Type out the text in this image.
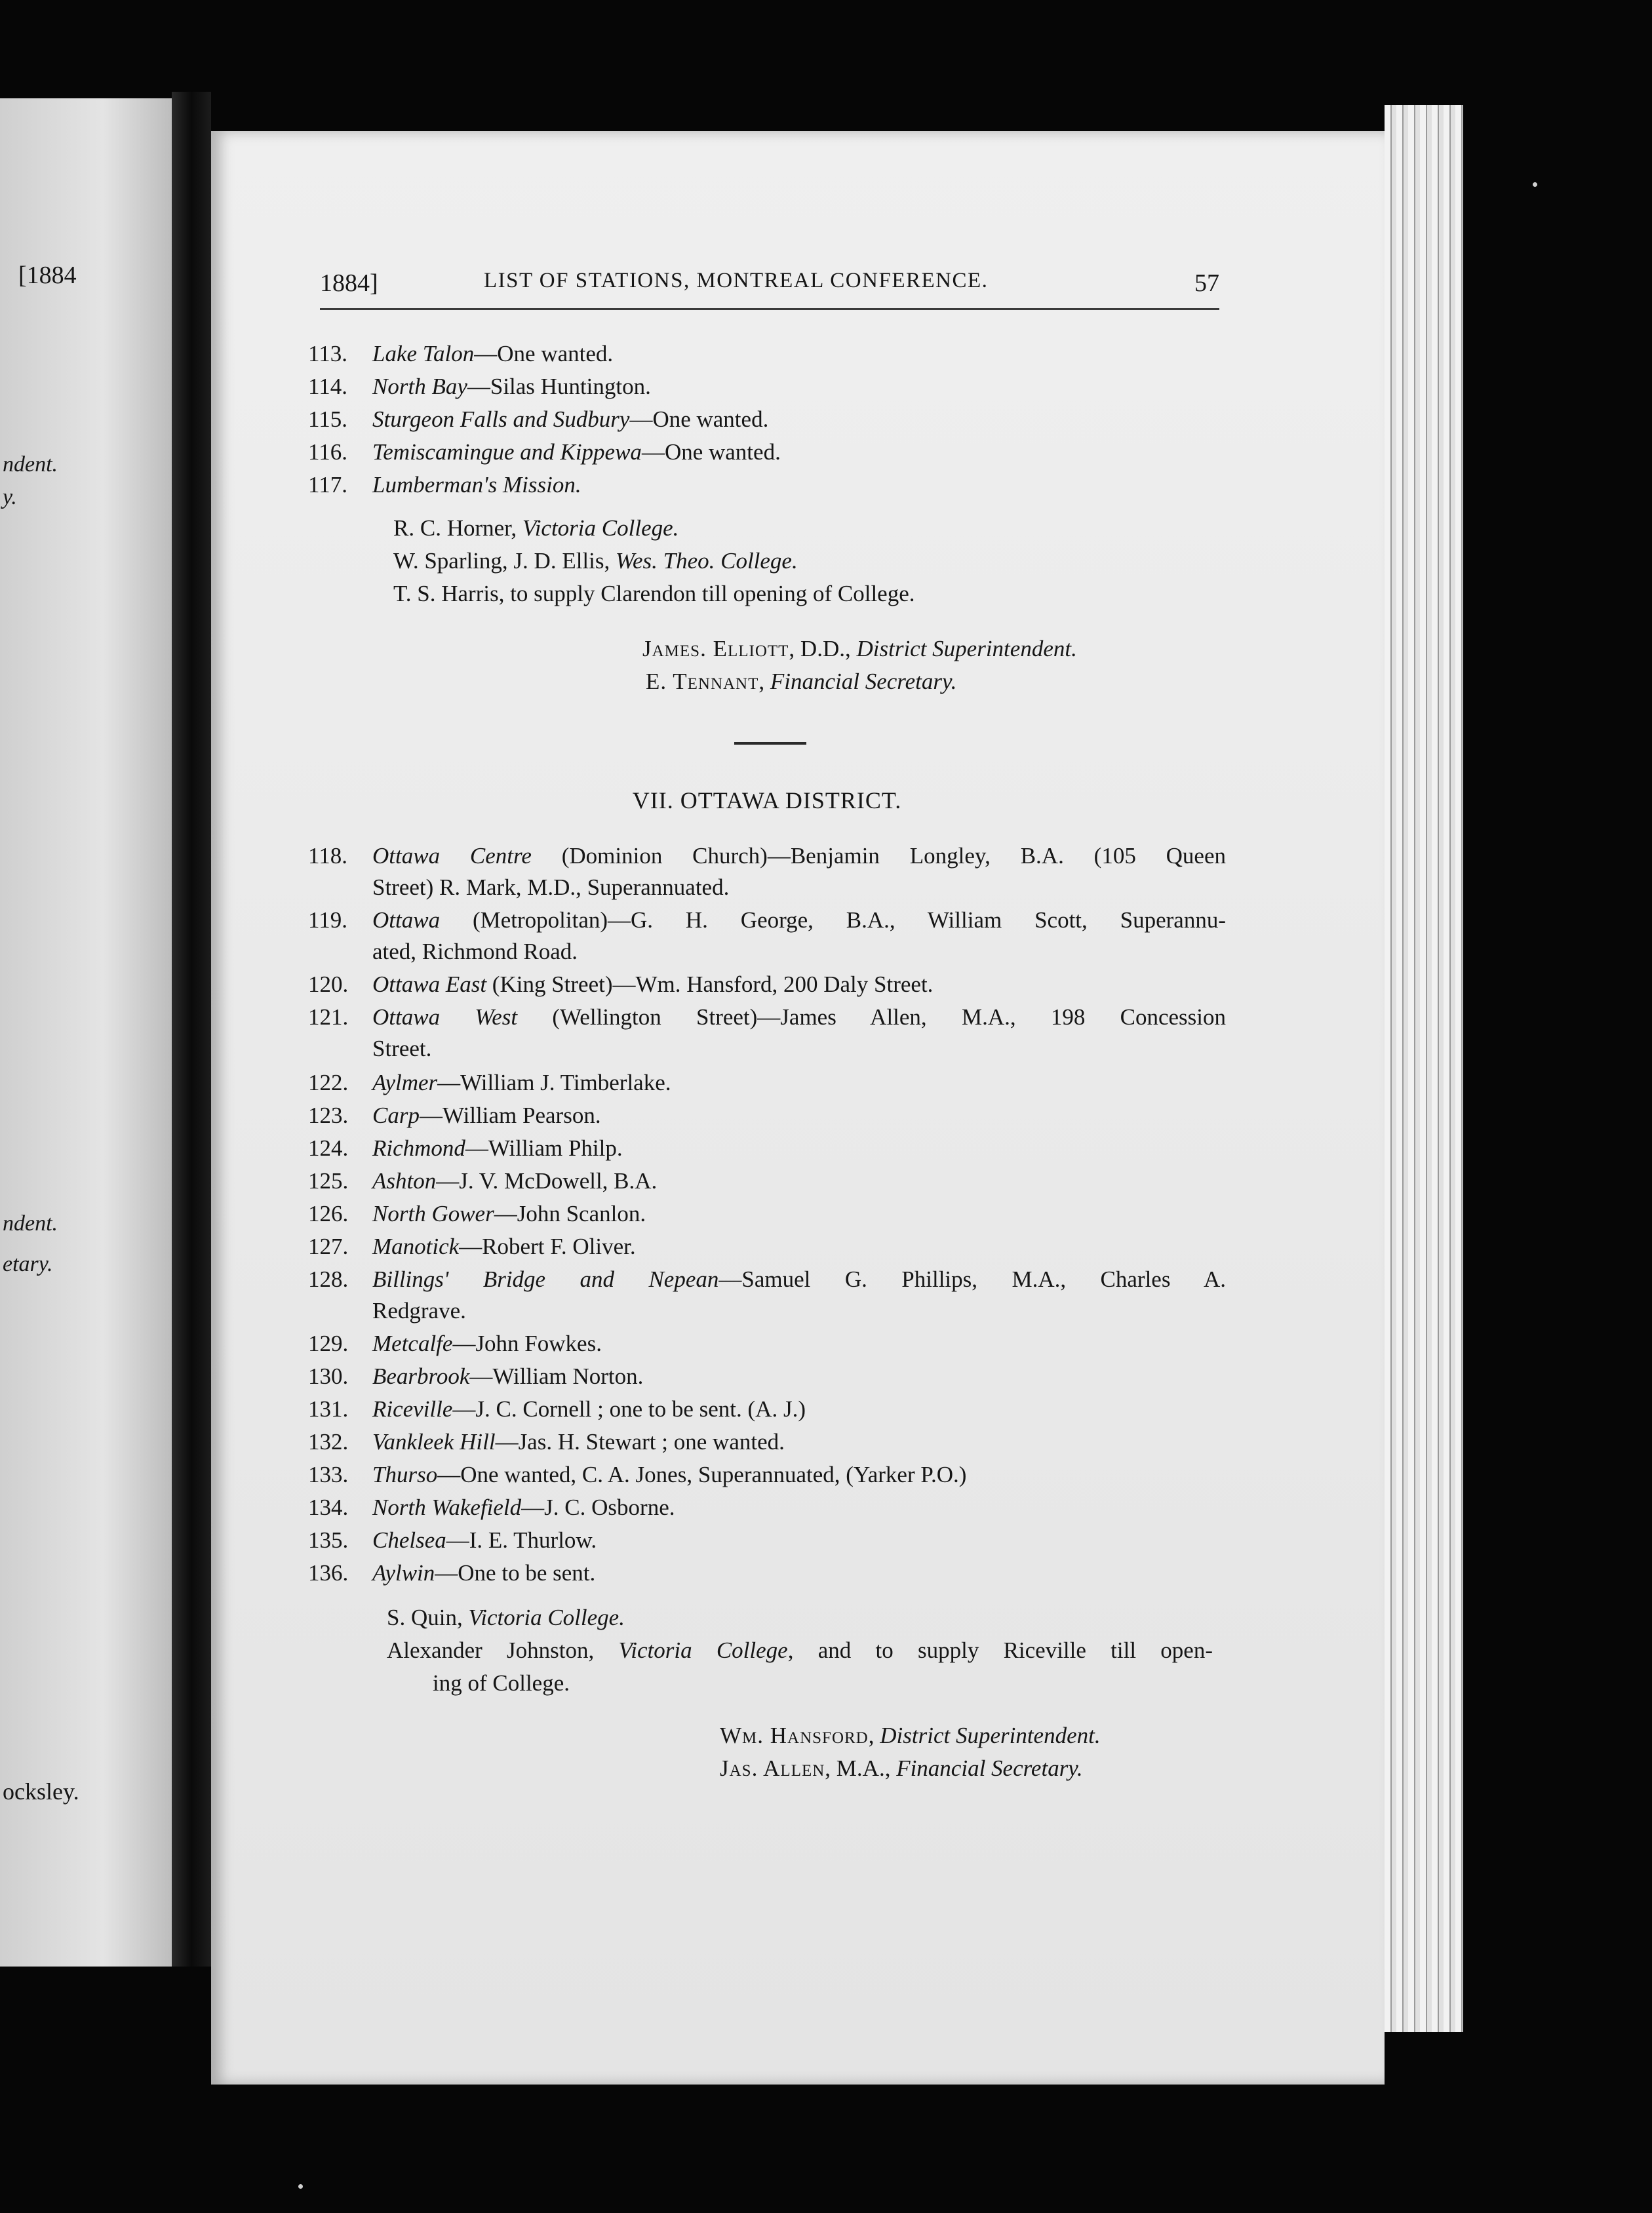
[1884
ndent.
y.
ndent.
etary.
ocksley.
1884]	LIST OF STATIONS, MONTREAL CONFERENCE.	57
113. Lake Talon—One wanted.
114. North Bay—Silas Huntington.
115. Sturgeon Falls and Sudbury—One wanted.
116. Temiscamingue and Kippewa—One wanted.
117. Lumberman's Mission.
R. C. Horner, Victoria College.
W. Sparling, J. D. Ellis, Wes. Theo. College.
T. S. Harris, to supply Clarendon till opening of College.
James. Elliott, D.D., District Superintendent.
E. Tennant, Financial Secretary.
VII. OTTAWA DISTRICT.
118. Ottawa Centre (Dominion Church)—Benjamin Longley, B.A. (105 Queen
Street) R. Mark, M.D., Superannuated.
119. Ottawa (Metropolitan)—G. H. George, B.A., William Scott, Superannu-
ated, Richmond Road.
120. Ottawa East (King Street)—Wm. Hansford, 200 Daly Street.
121. Ottawa West (Wellington Street)—James Allen, M.A., 198 Concession
Street.
122. Aylmer—William J. Timberlake.
123. Carp—William Pearson.
124. Richmond—William Philp.
125. Ashton—J. V. McDowell, B.A.
126. North Gower—John Scanlon.
127. Manotick—Robert F. Oliver.
128. Billings' Bridge and Nepean—Samuel G. Phillips, M.A., Charles A.
Redgrave.
129. Metcalfe—John Fowkes.
130. Bearbrook—William Norton.
131. Riceville—J. C. Cornell ; one to be sent. (A. J.)
132. Vankleek Hill—Jas. H. Stewart ; one wanted.
133. Thurso—One wanted, C. A. Jones, Superannuated, (Yarker P.O.)
134. North Wakefield—J. C. Osborne.
135. Chelsea—I. E. Thurlow.
136. Aylwin—One to be sent.
S. Quin, Victoria College.
Alexander Johnston, Victoria College, and to supply Riceville till open-
ing of College.
Wm. Hansford, District Superintendent.
Jas. Allen, M.A., Financial Secretary.
